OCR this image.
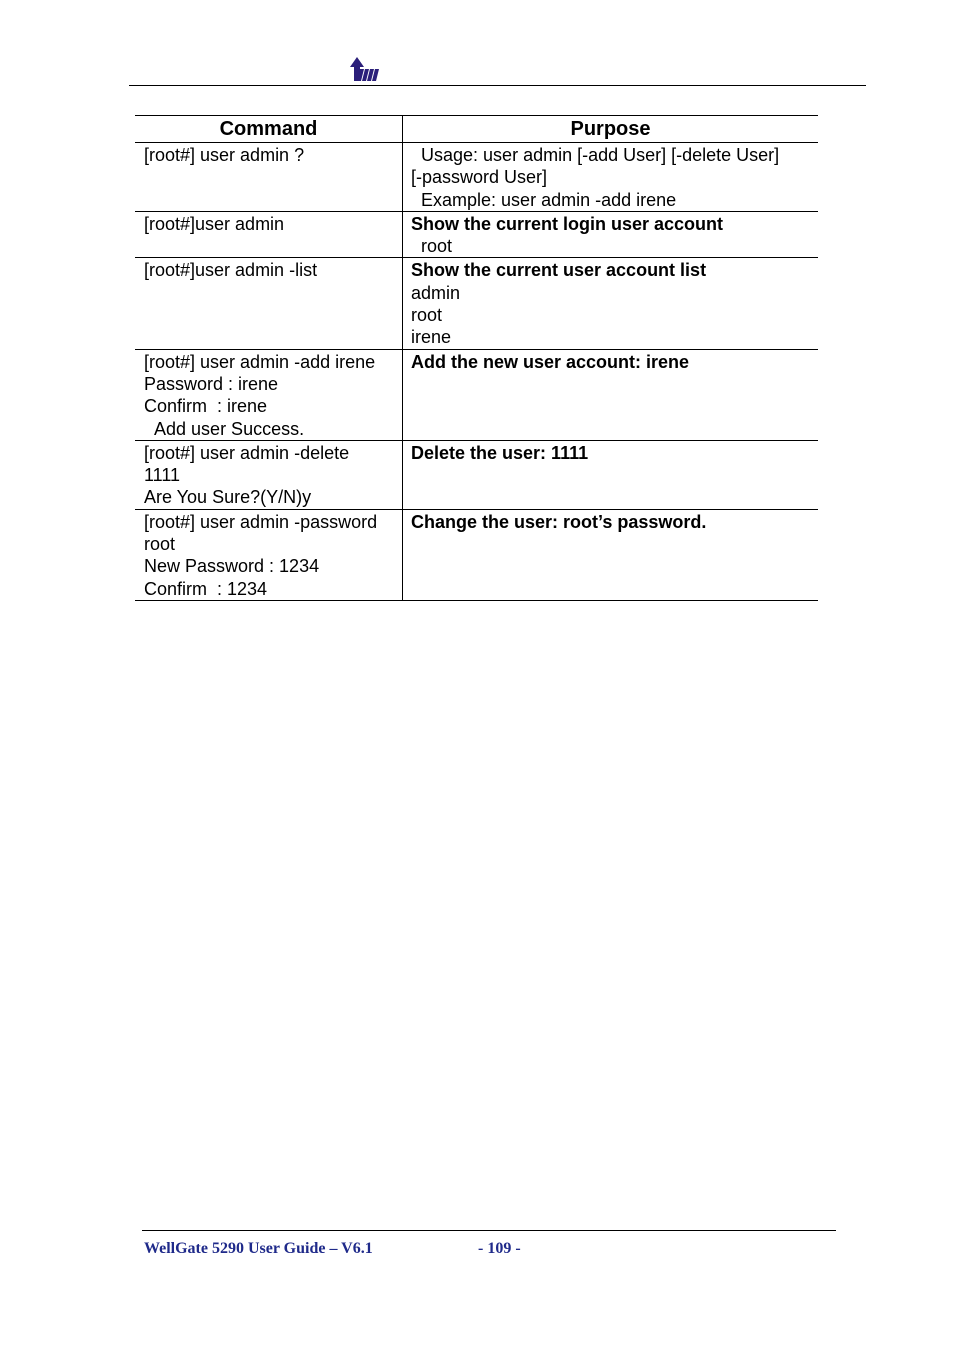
Command	Purpose

[root#] user admin ?	Usage: user admin [-add User] [-delete User]
[-password User]
Example: user admin -add irene

[root#]user admin	Show the current login user account
root

[root#]user admin -list	Show the current user account list
admin
root
irene

[root#] user admin -add irene
Password : irene
Confirm  : irene
Add user Success.	Add the new user account: irene

[root#] user admin -delete
1111
Are You Sure?(Y/N)y	Delete the user: 1111

[root#] user admin -password
root
New Password : 1234
Confirm  : 1234	Change the user: root’s password.
WellGate 5290 User Guide – V6.1	- 109 -
